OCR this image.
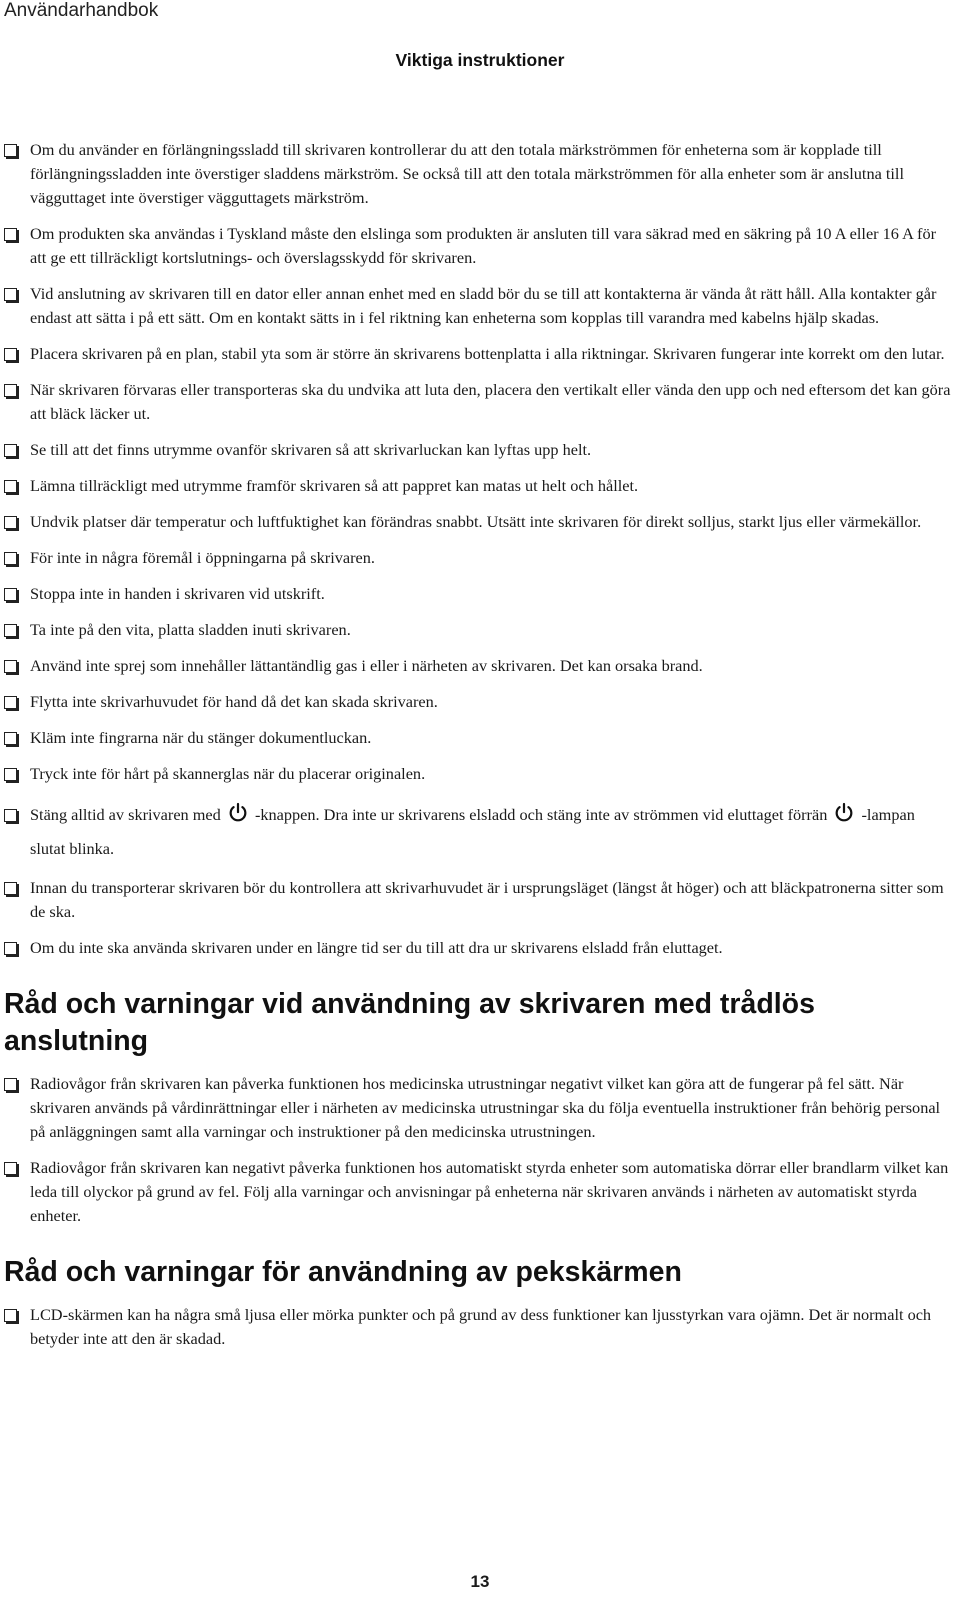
Användarhandbok
Viktiga instruktioner
Om du använder en förlängningssladd till skrivaren kontrollerar du att den totala märkströmmen för enheterna som är kopplade till förlängningssladden inte överstiger sladdens märkström. Se också till att den totala märkströmmen för alla enheter som är anslutna till vägguttaget inte överstiger vägguttagets märkström.
Om produkten ska användas i Tyskland måste den elslinga som produkten är ansluten till vara säkrad med en säkring på 10 A eller 16 A för att ge ett tillräckligt kortslutnings- och överslagsskydd för skrivaren.
Vid anslutning av skrivaren till en dator eller annan enhet med en sladd bör du se till att kontakterna är vända åt rätt håll. Alla kontakter går endast att sätta i på ett sätt. Om en kontakt sätts in i fel riktning kan enheterna som kopplas till varandra med kabelns hjälp skadas.
Placera skrivaren på en plan, stabil yta som är större än skrivarens bottenplatta i alla riktningar. Skrivaren fungerar inte korrekt om den lutar.
När skrivaren förvaras eller transporteras ska du undvika att luta den, placera den vertikalt eller vända den upp och ned eftersom det kan göra att bläck läcker ut.
Se till att det finns utrymme ovanför skrivaren så att skrivarluckan kan lyftas upp helt.
Lämna tillräckligt med utrymme framför skrivaren så att pappret kan matas ut helt och hållet.
Undvik platser där temperatur och luftfuktighet kan förändras snabbt. Utsätt inte skrivaren för direkt solljus, starkt ljus eller värmekällor.
För inte in några föremål i öppningarna på skrivaren.
Stoppa inte in handen i skrivaren vid utskrift.
Ta inte på den vita, platta sladden inuti skrivaren.
Använd inte sprej som innehåller lättantändlig gas i eller i närheten av skrivaren. Det kan orsaka brand.
Flytta inte skrivarhuvudet för hand då det kan skada skrivaren.
Kläm inte fingrarna när du stänger dokumentluckan.
Tryck inte för hårt på skannerglas när du placerar originalen.
Stäng alltid av skrivaren med -knappen. Dra inte ur skrivarens elsladd och stäng inte av strömmen vid eluttaget förrän -lampan slutat blinka.
Innan du transporterar skrivaren bör du kontrollera att skrivarhuvudet är i ursprungsläget (längst åt höger) och att bläckpatronerna sitter som de ska.
Om du inte ska använda skrivaren under en längre tid ser du till att dra ur skrivarens elsladd från eluttaget.
Råd och varningar vid användning av skrivaren med trådlös anslutning
Radiovågor från skrivaren kan påverka funktionen hos medicinska utrustningar negativt vilket kan göra att de fungerar på fel sätt. När skrivaren används på vårdinrättningar eller i närheten av medicinska utrustningar ska du följa eventuella instruktioner från behörig personal på anläggningen samt alla varningar och instruktioner på den medicinska utrustningen.
Radiovågor från skrivaren kan negativt påverka funktionen hos automatiskt styrda enheter som automatiska dörrar eller brandlarm vilket kan leda till olyckor på grund av fel. Följ alla varningar och anvisningar på enheterna när skrivaren används i närheten av automatiskt styrda enheter.
Råd och varningar för användning av pekskärmen
LCD-skärmen kan ha några små ljusa eller mörka punkter och på grund av dess funktioner kan ljusstyrkan vara ojämn. Det är normalt och betyder inte att den är skadad.
13
